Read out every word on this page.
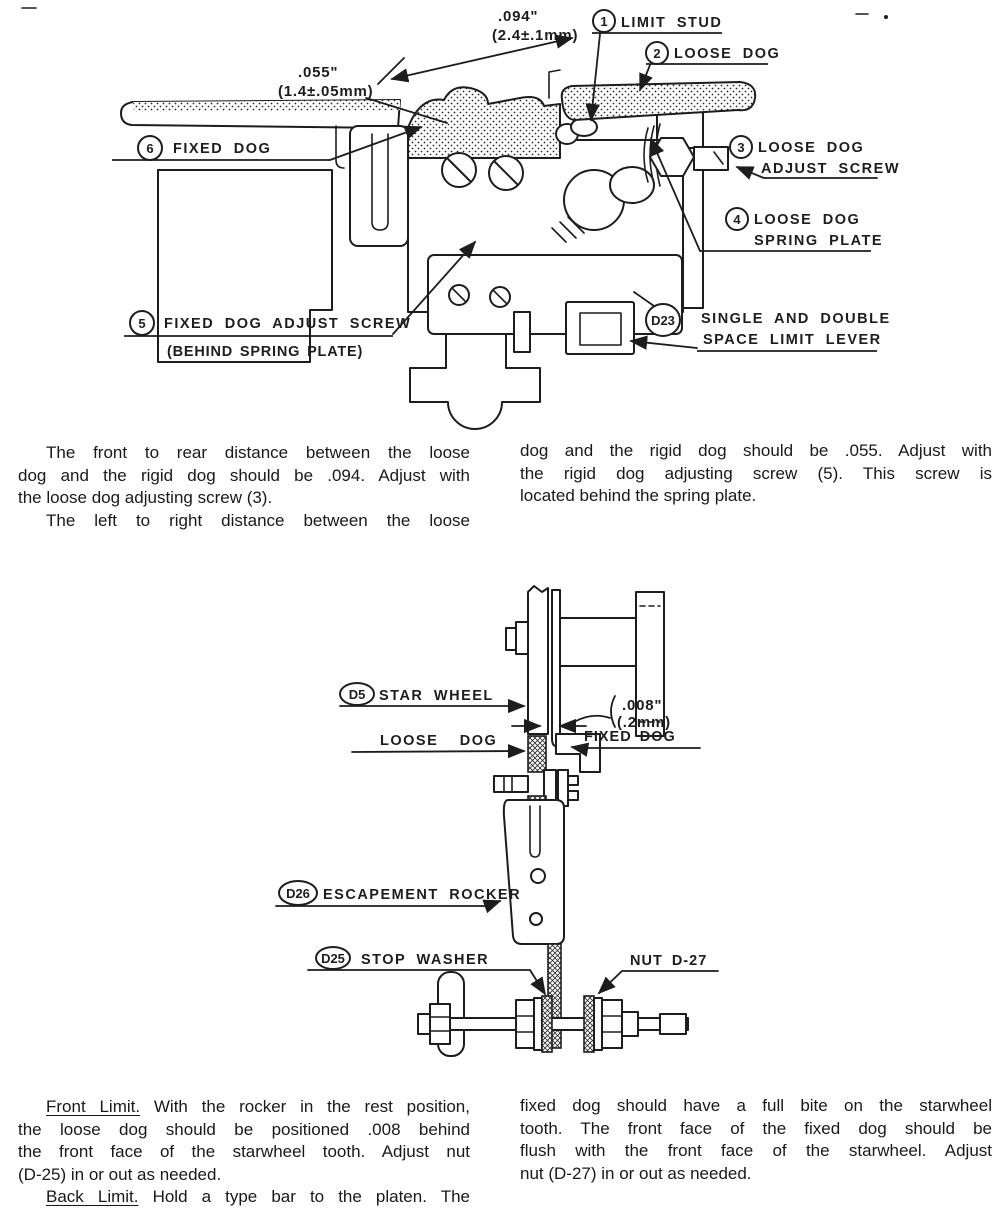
.094"
(2.4±.1mm)
.055"
(1.4±.05mm)
1 LIMIT STUD
2 LOOSE DOG
3 LOOSE DOG
ADJUST SCREW
4 LOOSE DOG
SPRING PLATE
5 FIXED DOG ADJUST SCREW
(BEHIND SPRING PLATE)
6 FIXED DOG
D23 SINGLE AND DOUBLE
SPACE LIMIT LEVER
The front to rear distance between the loose
dog and the rigid dog should be .094. Adjust with
the loose dog adjusting screw (3).
The left to right distance between the loose
dog and the rigid dog should be .055. Adjust with
the rigid dog adjusting screw (5). This screw is
located behind the spring plate.
D5 STAR WHEEL
.008"
(.2mm)
LOOSE DOG	FIXED DOG
D26 ESCAPEMENT ROCKER
D25 STOP WASHER	NUT D-27
Front Limit. With the rocker in the rest position,
the loose dog should be positioned .008 behind
the front face of the starwheel tooth. Adjust nut
(D-25) in or out as needed.
Back Limit. Hold a type bar to the platen. The
fixed dog should have a full bite on the starwheel
tooth. The front face of the fixed dog should be
flush with the front face of the starwheel. Adjust
nut (D-27) in or out as needed.
